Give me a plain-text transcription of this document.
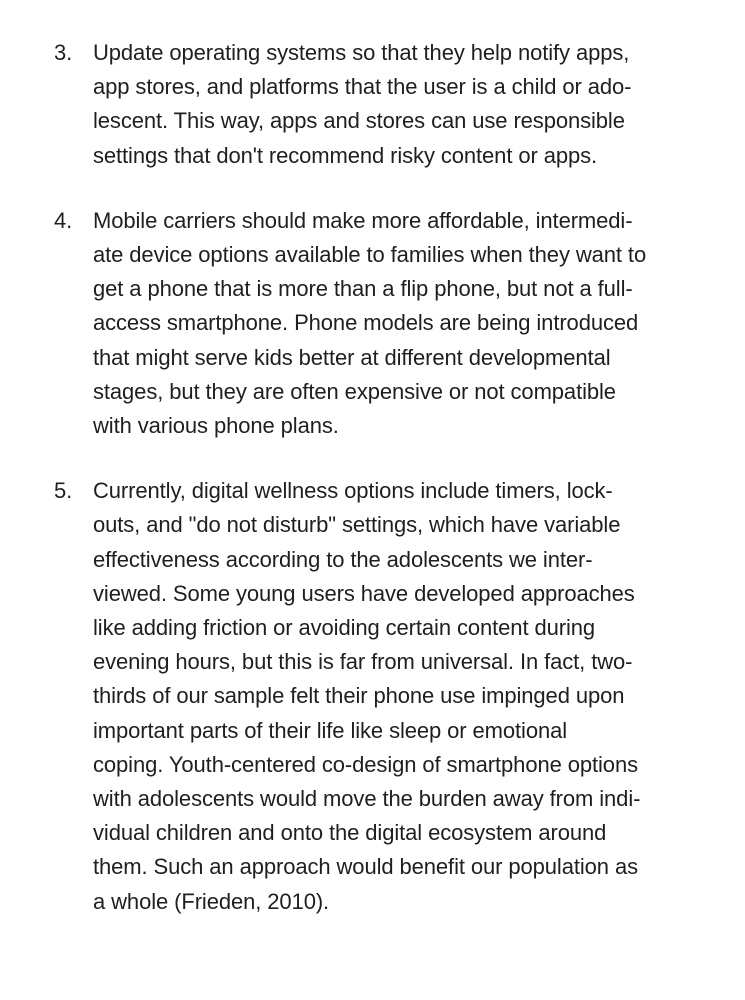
3. Update operating systems so that they help notify apps,
app stores, and platforms that the user is a child or ado-
lescent. This way, apps and stores can use responsible
settings that don't recommend risky content or apps.
4. Mobile carriers should make more affordable, intermedi-
ate device options available to families when they want to
get a phone that is more than a flip phone, but not a full-
access smartphone. Phone models are being introduced
that might serve kids better at different developmental
stages, but they are often expensive or not compatible
with various phone plans.
5. Currently, digital wellness options include timers, lock-
outs, and "do not disturb" settings, which have variable
effectiveness according to the adolescents we inter-
viewed. Some young users have developed approaches
like adding friction or avoiding certain content during
evening hours, but this is far from universal. In fact, two-
thirds of our sample felt their phone use impinged upon
important parts of their life like sleep or emotional
coping. Youth-centered co-design of smartphone options
with adolescents would move the burden away from indi-
vidual children and onto the digital ecosystem around
them. Such an approach would benefit our population as
a whole (Frieden, 2010).
